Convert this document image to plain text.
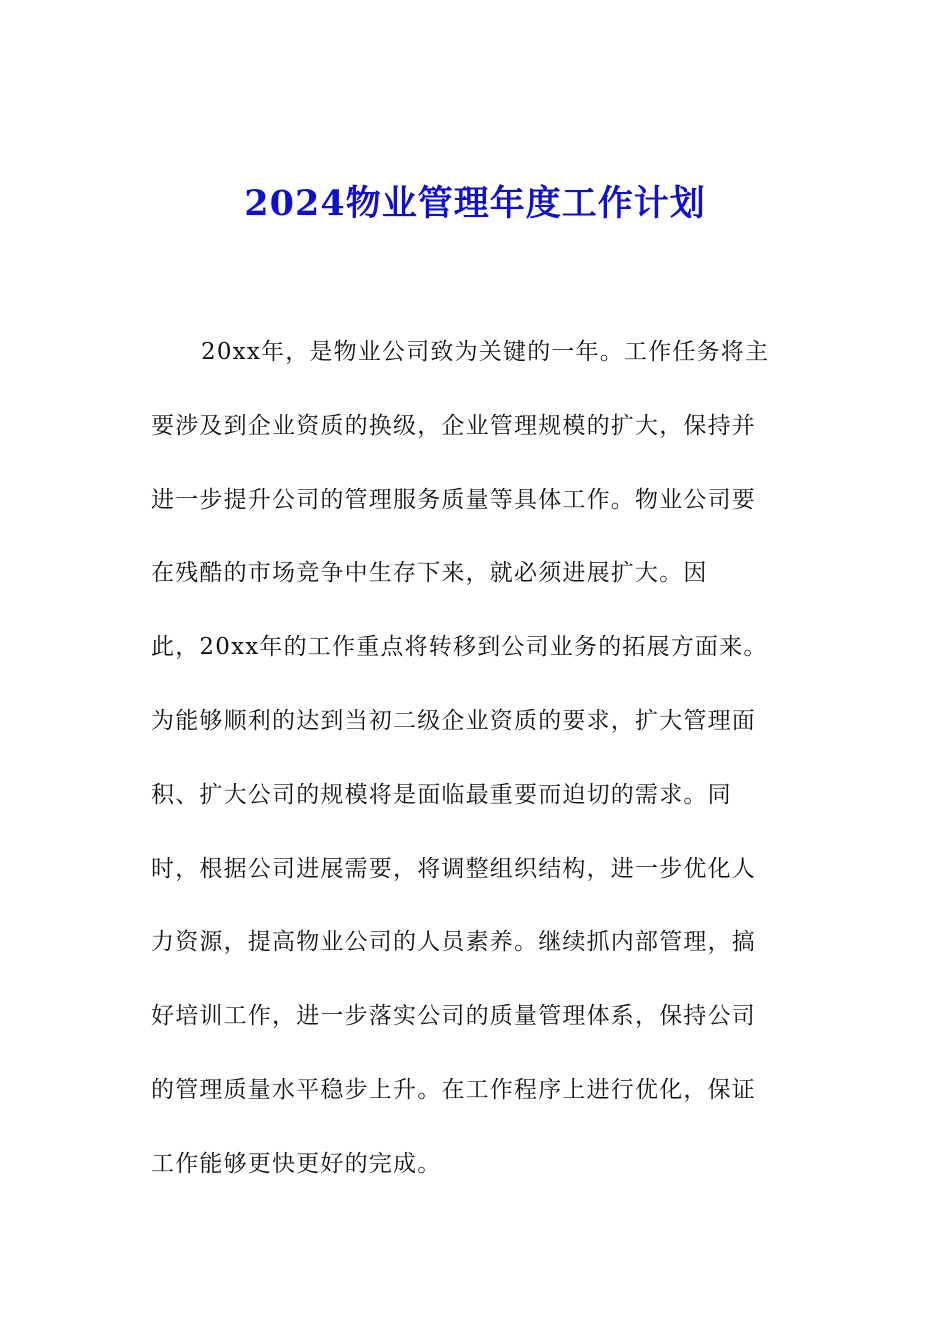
2024物业管理年度工作计划
20xx年，是物业公司致为关键的一年。工作任务将主
要涉及到企业资质的换级，企业管理规模的扩大，保持并
进一步提升公司的管理服务质量等具体工作。物业公司要
在残酷的市场竞争中生存下来，就必须进展扩大。因
此，20xx年的工作重点将转移到公司业务的拓展方面来。
为能够顺利的达到当初二级企业资质的要求，扩大管理面
积、扩大公司的规模将是面临最重要而迫切的需求。同
时，根据公司进展需要，将调整组织结构，进一步优化人
力资源，提高物业公司的人员素养。继续抓内部管理，搞
好培训工作，进一步落实公司的质量管理体系，保持公司
的管理质量水平稳步上升。在工作程序上进行优化，保证
工作能够更快更好的完成。
